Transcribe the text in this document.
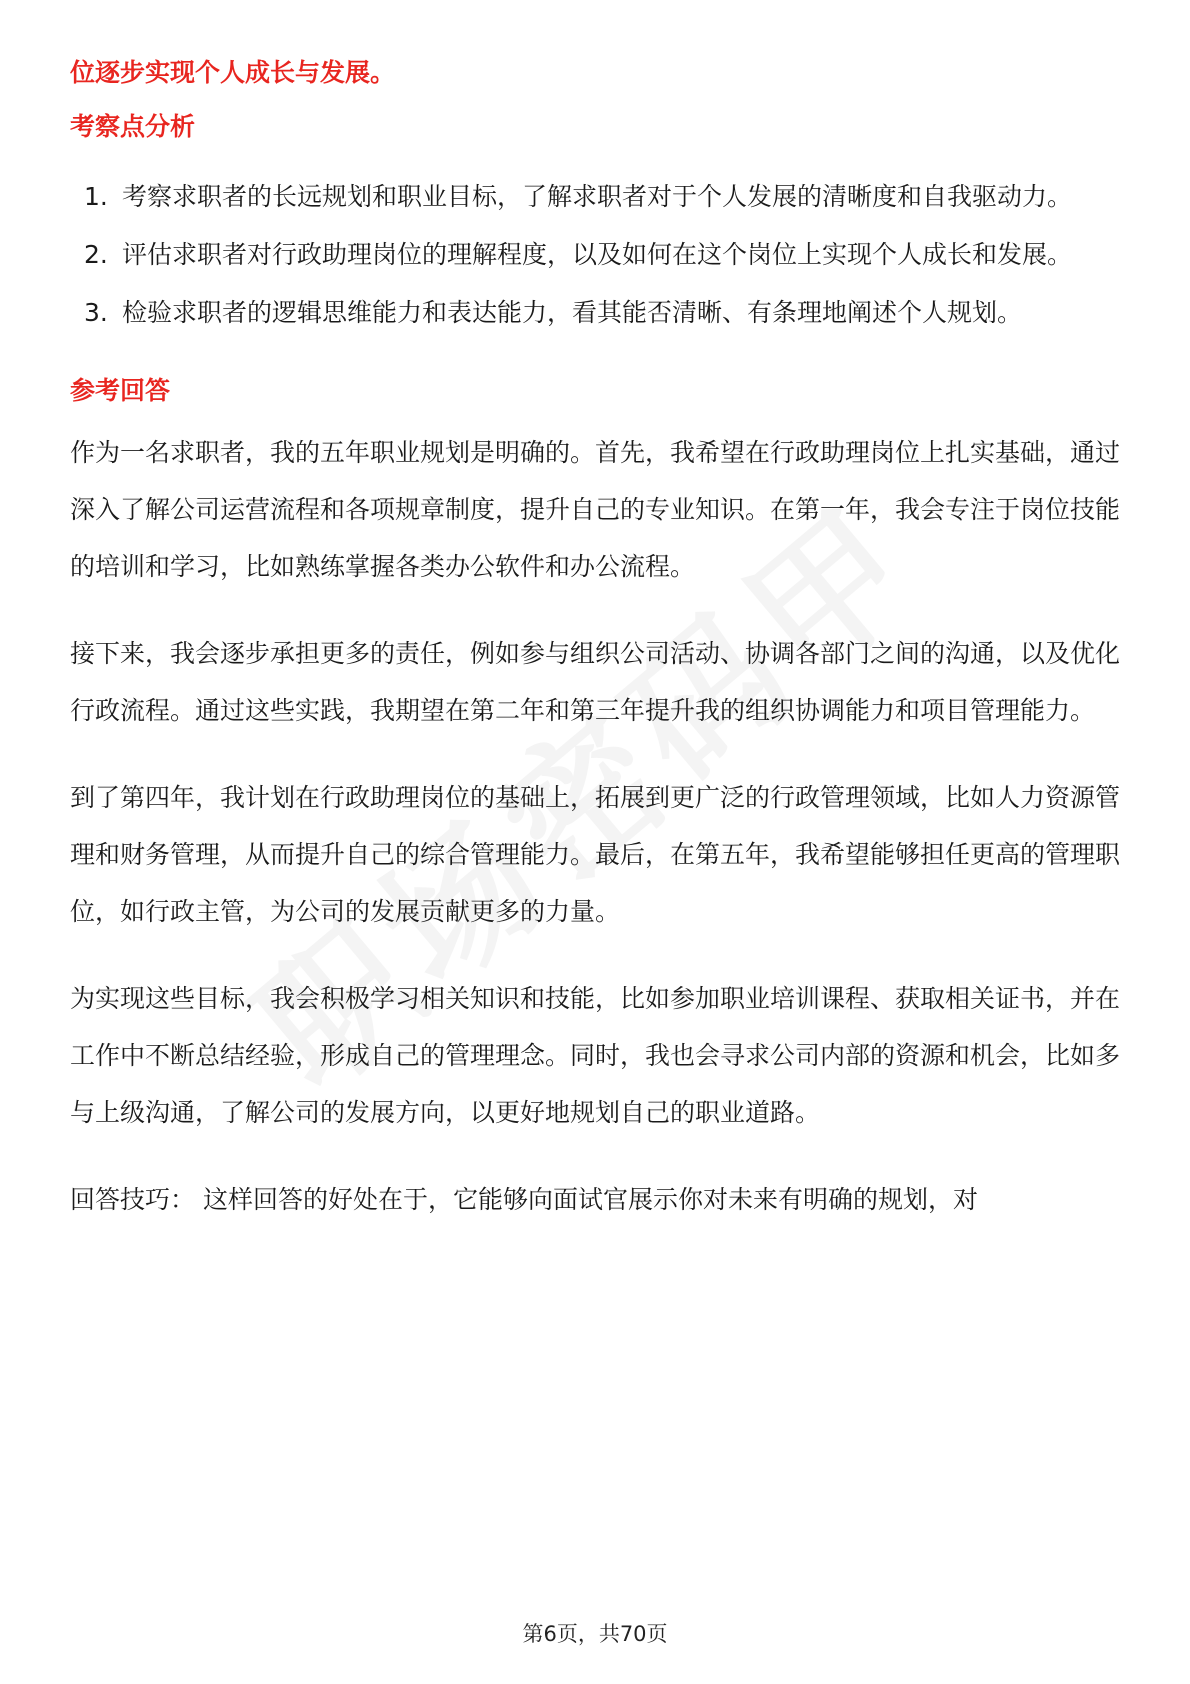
位逐步实现个人成长与发展。

考察点分析

1. 考察求职者的长远规划和职业目标，了解求职者对于个人发展的清晰度和自我驱动力。
2. 评估求职者对行政助理岗位的理解程度，以及如何在这个岗位上实现个人成长和发展。
3. 检验求职者的逻辑思维能力和表达能力，看其能否清晰、有条理地阐述个人规划。

参考回答

作为一名求职者，我的五年职业规划是明确的。首先，我希望在行政助理岗位上扎实基础，通过深入了解公司运营流程和各项规章制度，提升自己的专业知识。在第一年，我会专注于岗位技能的培训和学习，比如熟练掌握各类办公软件和办公流程。

接下来，我会逐步承担更多的责任，例如参与组织公司活动、协调各部门之间的沟通，以及优化行政流程。通过这些实践，我期望在第二年和第三年提升我的组织协调能力和项目管理能力。

到了第四年，我计划在行政助理岗位的基础上，拓展到更广泛的行政管理领域，比如人力资源管理和财务管理，从而提升自己的综合管理能力。最后，在第五年，我希望能够担任更高的管理职位，如行政主管，为公司的发展贡献更多的力量。

为实现这些目标，我会积极学习相关知识和技能，比如参加职业培训课程、获取相关证书，并在工作中不断总结经验，形成自己的管理理念。同时，我也会寻求公司内部的资源和机会，比如多与上级沟通，了解公司的发展方向，以更好地规划自己的职业道路。

回答技巧： 这样回答的好处在于，它能够向面试官展示你对未来有明确的规划，对

第6页，共70页
